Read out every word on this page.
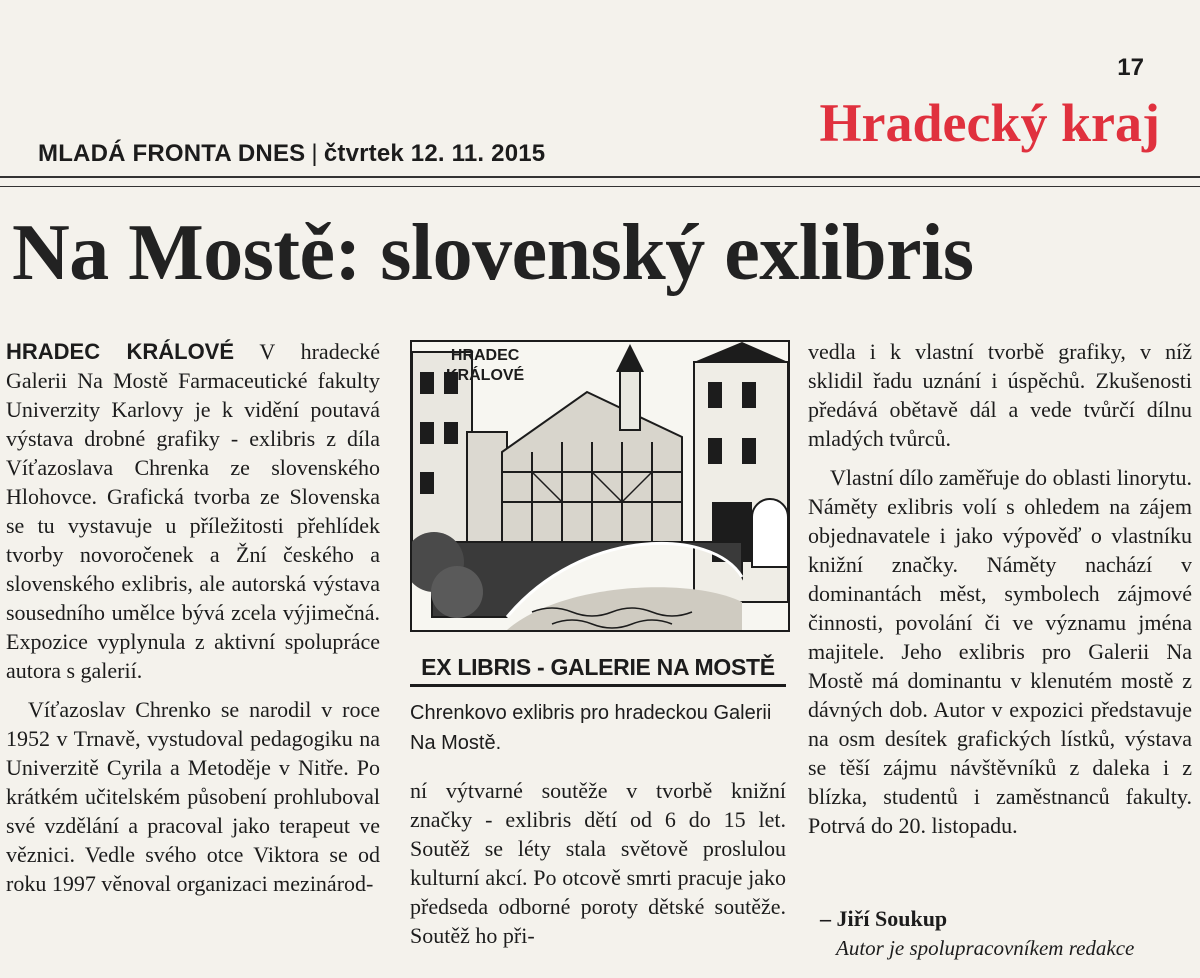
17
Hradecký kraj
MLADÁ FRONTA DNES | čtvrtek 12. 11. 2015
Na Mostě: slovenský exlibris

HRADEC KRÁLOVÉ V hradecké Galerii Na Mostě Farmaceutické fakulty Univerzity Karlovy je k vidění poutavá výstava drobné grafiky - exlibris z díla Víťazoslava Chrenka ze slovenského Hlohovce. Grafická tvorba ze Slovenska se tu vystavuje u příležitosti přehlídek tvorby novoročenek a Žní českého a slovenského exlibris, ale autorská výstava sousedního umělce bývá zcela výjimečná. Expozice vyplynula z aktivní spolupráce autora s galerií.

Víťazoslav Chrenko se narodil v roce 1952 v Trnavě, vystudoval pedagogiku na Univerzitě Cyrila a Metoděje v Nitře. Po krátkém učitelském působení prohluboval své vzdělání a pracoval jako terapeut ve věznici. Vedle svého otce Viktora se od roku 1997 věnoval organizaci mezinárod-

HRADEC
KRÁLOVÉ
EX LIBRIS - GALERIE NA MOSTĚ
Chrenkovo exlibris pro hradeckou Galerii Na Mostě.

ní výtvarné soutěže v tvorbě knižní značky - exlibris dětí od 6 do 15 let. Soutěž se léty stala světově proslulou kulturní akcí. Po otcově smrti pracuje jako předseda odborné poroty dětské soutěže. Soutěž ho při-

vedla i k vlastní tvorbě grafiky, v níž sklidil řadu uznání i úspěchů. Zkušenosti předává obětavě dál a vede tvůrčí dílnu mladých tvůrců.

Vlastní dílo zaměřuje do oblasti linorytu. Náměty exlibris volí s ohledem na zájem objednavatele i jako výpověď o vlastníku knižní značky. Náměty nachází v dominantách měst, symbolech zájmové činnosti, povolání či ve významu jména majitele. Jeho exlibris pro Galerii Na Mostě má dominantu v klenutém mostě z dávných dob. Autor v expozici představuje na osm desítek grafických lístků, výstava se těší zájmu návštěvníků z daleka i z blízka, studentů i zaměstnanců fakulty. Potrvá do 20. listopadu.

– Jiří Soukup
Autor je spolupracovníkem redakce
